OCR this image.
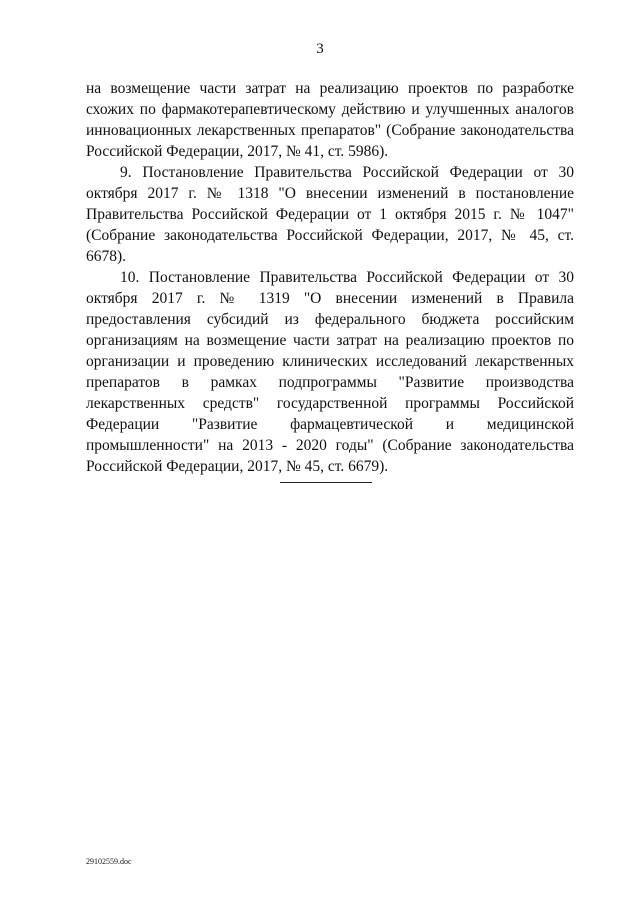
3

на возмещение части затрат на реализацию проектов по разработке схожих по фармакотерапевтическому действию и улучшенных аналогов инновационных лекарственных препаратов" (Собрание законодательства Российской Федерации, 2017, № 41, ст. 5986).

9. Постановление Правительства Российской Федерации от 30 октября 2017 г. № 1318 "О внесении изменений в постановление Правительства Российской Федерации от 1 октября 2015 г. № 1047" (Собрание законодательства Российской Федерации, 2017, № 45, ст. 6678).

10. Постановление Правительства Российской Федерации от 30 октября 2017 г. № 1319 "О внесении изменений в Правила предоставления субсидий из федерального бюджета российским организациям на возмещение части затрат на реализацию проектов по организации и проведению клинических исследований лекарственных препаратов в рамках подпрограммы "Развитие производства лекарственных средств" государственной программы Российской Федерации "Развитие фармацевтической и медицинской промышленности" на 2013 - 2020 годы" (Собрание законодательства Российской Федерации, 2017, № 45, ст. 6679).

29102559.doc
